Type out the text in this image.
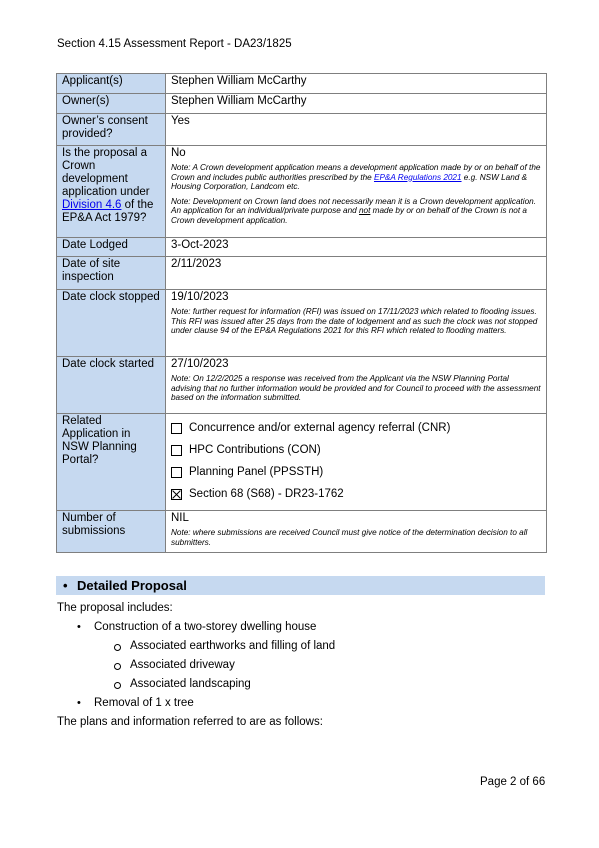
Section 4.15 Assessment Report - DA23/1825
Applicant(s)	Stephen William McCarthy
Owner(s)	Stephen William McCarthy
Owner’s consent provided?	Yes
Is the proposal a Crown development application under Division 4.6 of the EP&A Act 1979?	No
Note: A Crown development application means a development application made by or on behalf of the Crown and includes public authorities prescribed by the EP&A Regulations 2021 e.g. NSW Land & Housing Corporation, Landcom etc.
Note: Development on Crown land does not necessarily mean it is a Crown development application. An application for an individual/private purpose and not made by or on behalf of the Crown is not a Crown development application.

Date Lodged	3-Oct-2023
Date of site inspection	2/11/2023
Date clock stopped	19/10/2023
Note: further request for information (RFI) was issued on 17/11/2023 which related to flooding issues. This RFI was issued after 25 days from the date of lodgement and as such the clock was not stopped under clause 94 of the EP&A Regulations 2021 for this RFI which related to flooding matters.

Date clock started	27/10/2023
Note: On 12/2/2025 a response was received from the Applicant via the NSW Planning Portal advising that no further information would be provided and for Council to proceed with the assessment based on the information submitted.

Related Application in NSW Planning Portal?	Concurrence and/or external agency referral (CNR)
HPC Contributions (CON)
Planning Panel (PPSSTH)
Section 68 (S68) - DR23-1762

Number of submissions	NIL
Note: where submissions are received Council must give notice of the determination decision to all submitters.
• Detailed Proposal
The proposal includes:
• Construction of a two-storey dwelling house
Associated earthworks and filling of land
Associated driveway
Associated landscaping
• Removal of 1 x tree
The plans and information referred to are as follows:
Page 2 of 66
